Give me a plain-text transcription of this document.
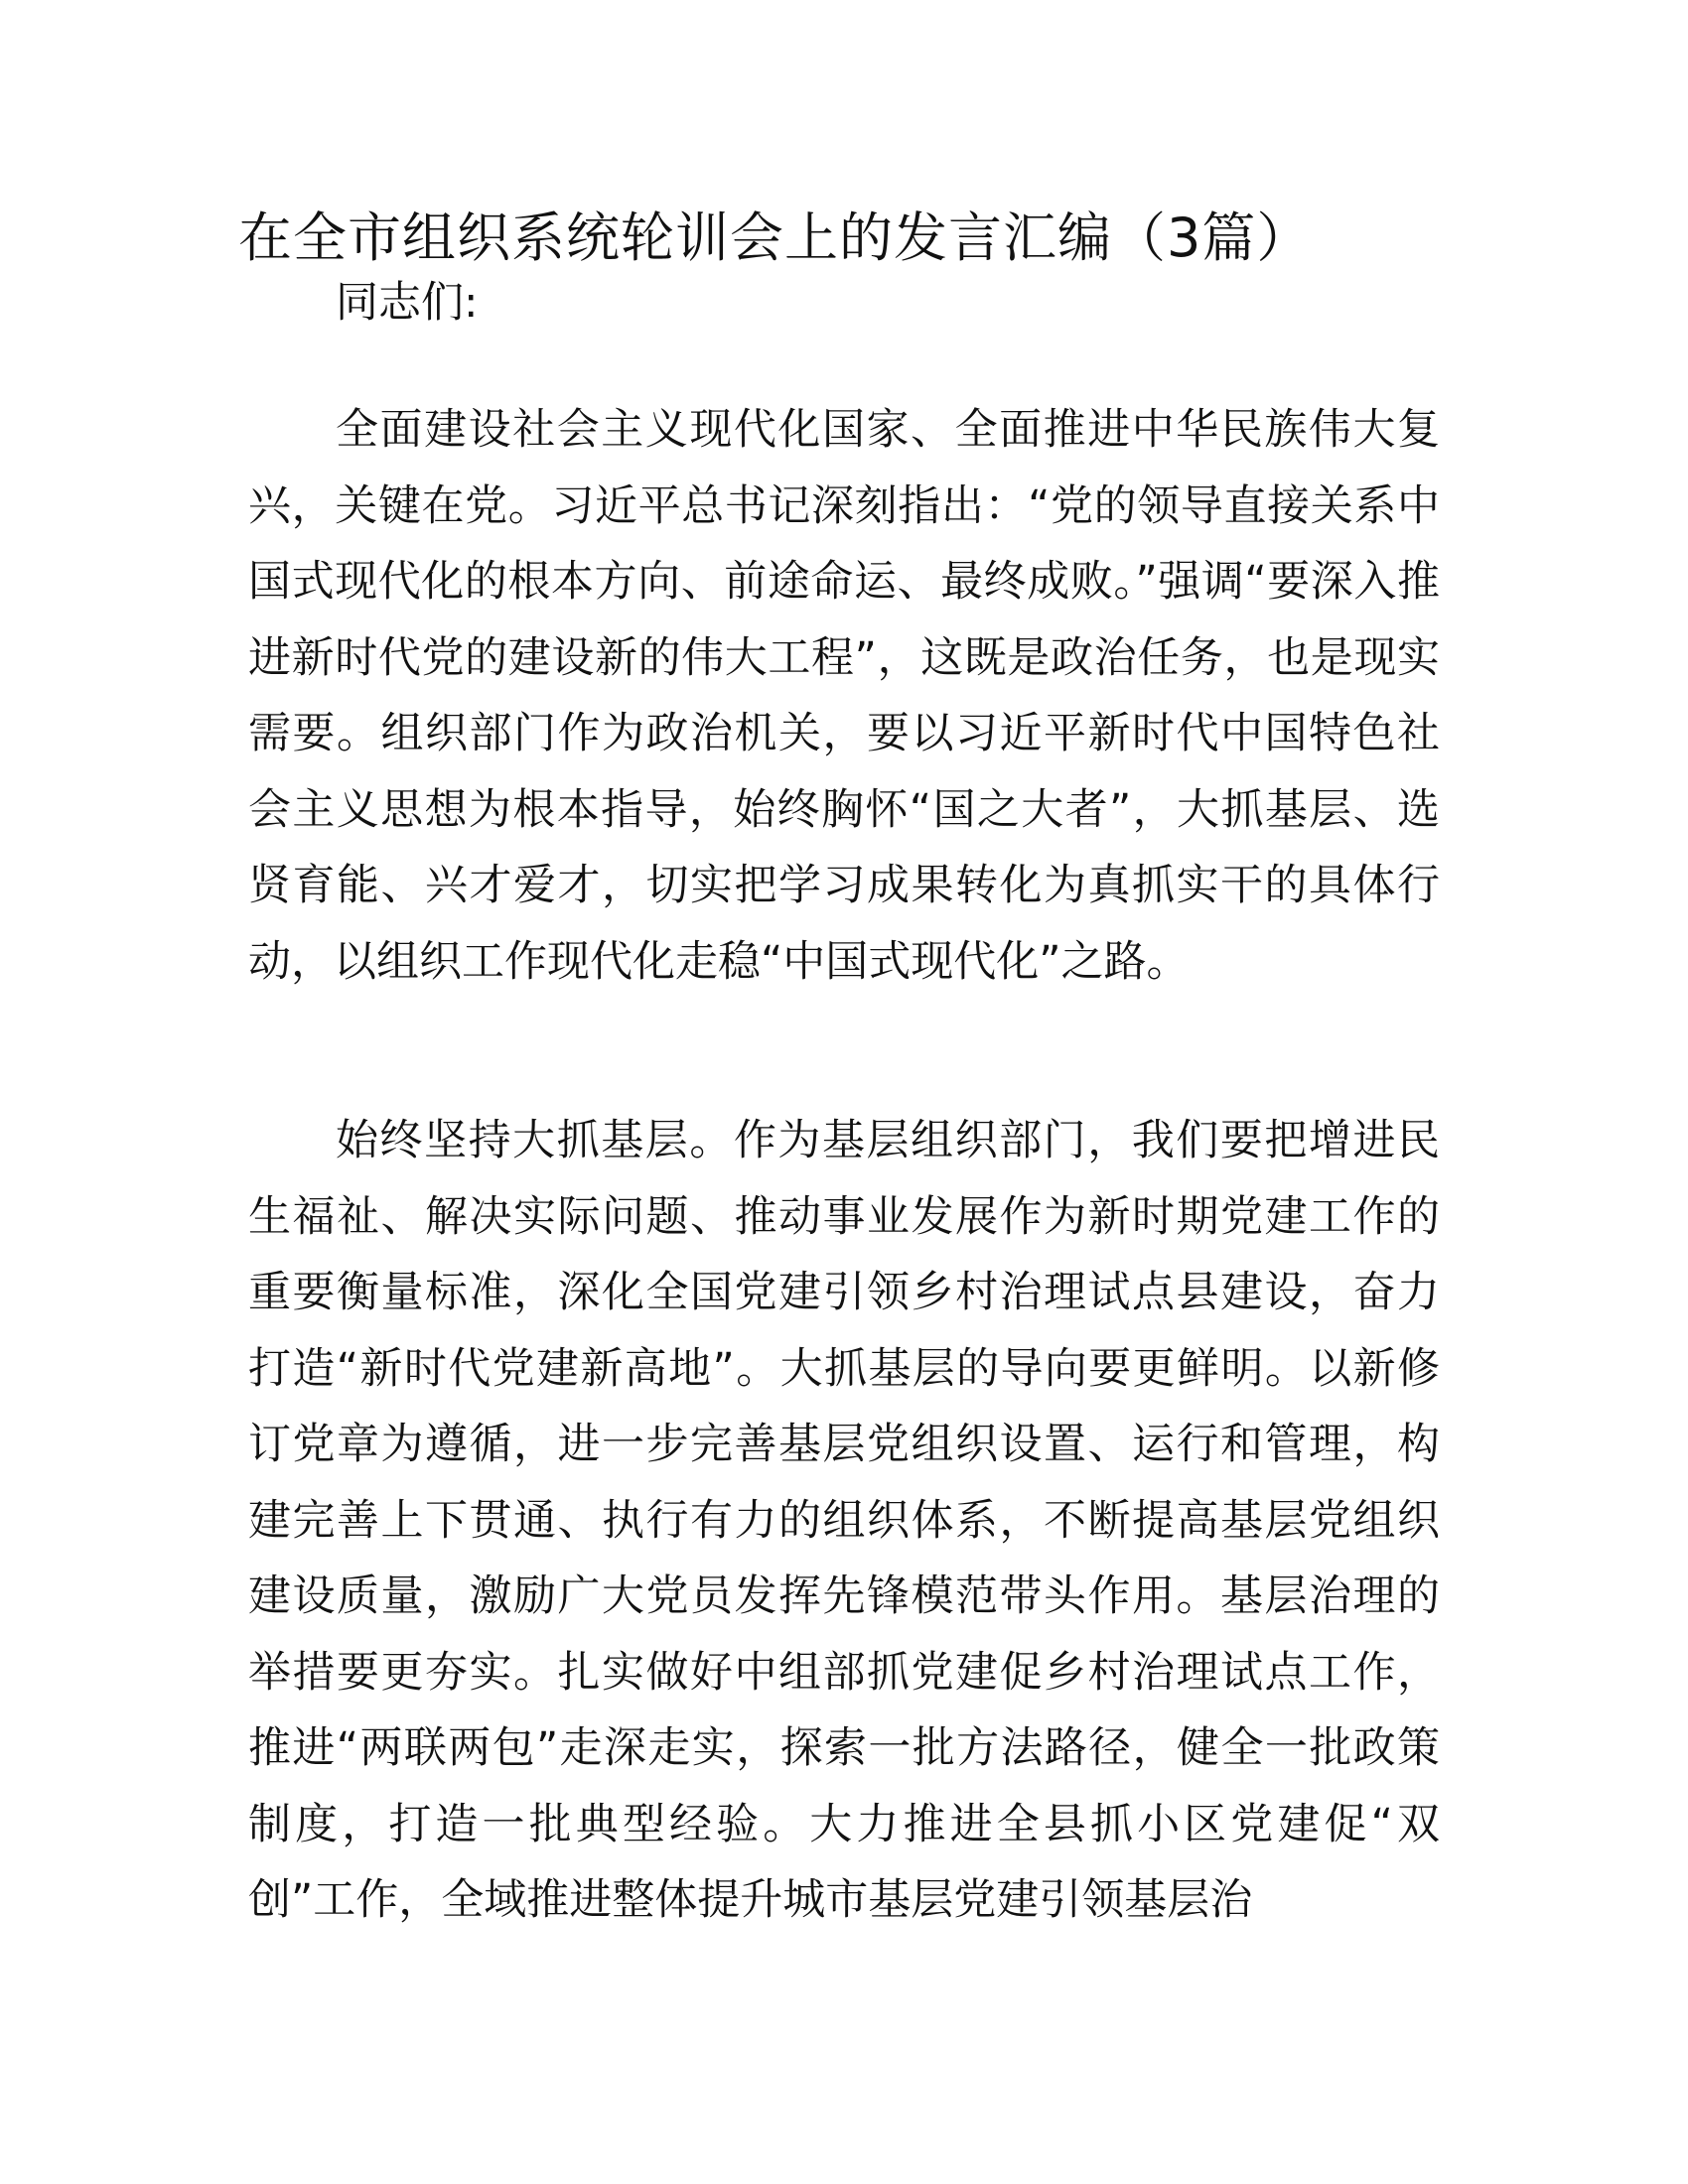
在全市组织系统轮训会上的发言汇编（3篇）

同志们:

全面建设社会主义现代化国家、全面推进中华民族伟大复兴，关键在党。习近平总书记深刻指出：“党的领导直接关系中国式现代化的根本方向、前途命运、最终成败。”强调“要深入推进新时代党的建设新的伟大工程”，这既是政治任务，也是现实需要。组织部门作为政治机关，要以习近平新时代中国特色社会主义思想为根本指导，始终胸怀“国之大者”，大抓基层、选贤育能、兴才爱才，切实把学习成果转化为真抓实干的具体行动，以组织工作现代化走稳“中国式现代化”之路。

始终坚持大抓基层。作为基层组织部门，我们要把增进民生福祉、解决实际问题、推动事业发展作为新时期党建工作的重要衡量标准，深化全国党建引领乡村治理试点县建设，奋力打造“新时代党建新高地”。大抓基层的导向要更鲜明。以新修订党章为遵循，进一步完善基层党组织设置、运行和管理，构建完善上下贯通、执行有力的组织体系，不断提高基层党组织建设质量，激励广大党员发挥先锋模范带头作用。基层治理的举措要更夯实。扎实做好中组部抓党建促乡村治理试点工作，推进“两联两包”走深走实，探索一批方法路径，健全一批政策制度，打造一批典型经验。大力推进全县抓小区党建促“双创”工作，全域推进整体提升城市基层党建引领基层治
